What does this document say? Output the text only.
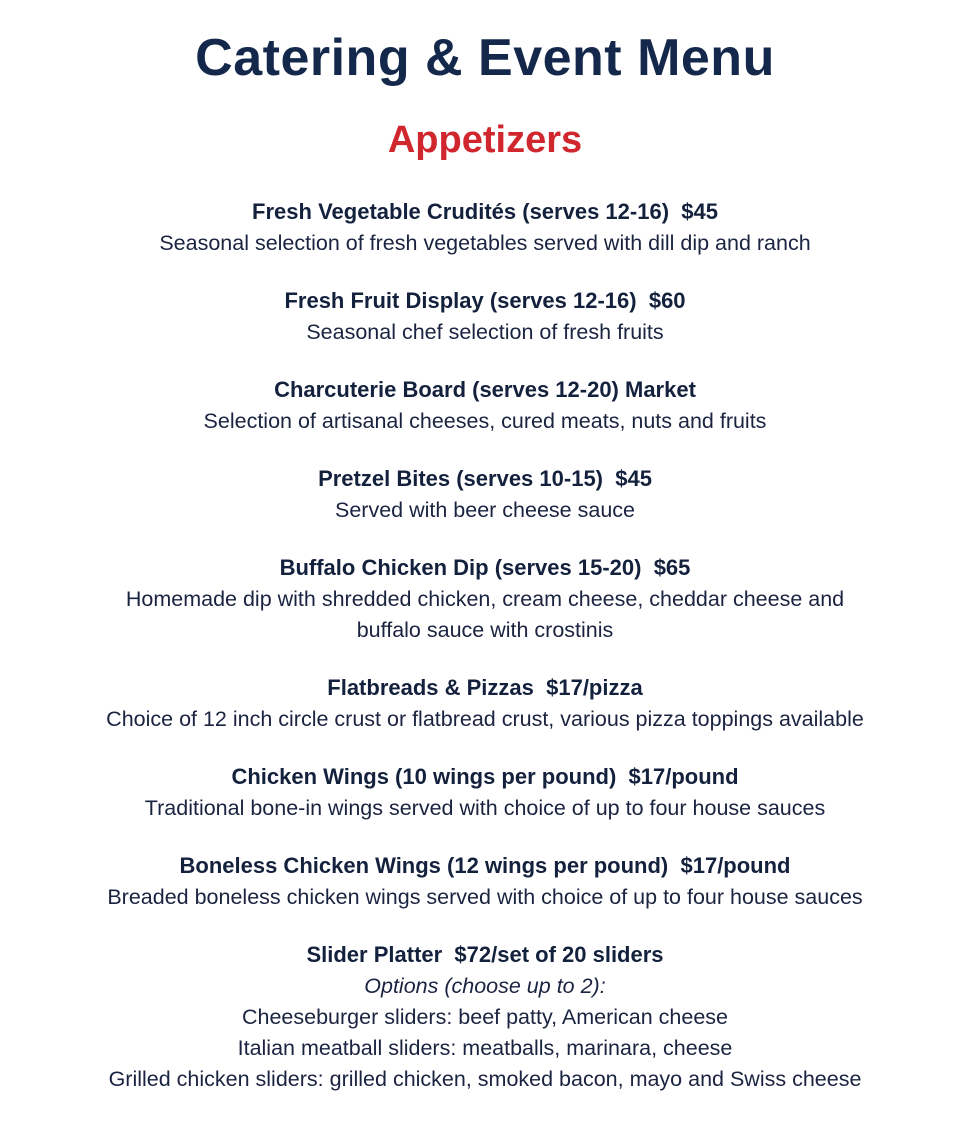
Catering & Event Menu
Appetizers
Fresh Vegetable Crudités (serves 12-16)  $45
Seasonal selection of fresh vegetables served with dill dip and ranch
Fresh Fruit Display (serves 12-16)  $60
Seasonal chef selection of fresh fruits
Charcuterie Board (serves 12-20) Market
Selection of artisanal cheeses, cured meats, nuts and fruits
Pretzel Bites (serves 10-15)  $45
Served with beer cheese sauce
Buffalo Chicken Dip (serves 15-20)  $65
Homemade dip with shredded chicken, cream cheese, cheddar cheese and
buffalo sauce with crostinis
Flatbreads & Pizzas  $17/pizza
Choice of 12 inch circle crust or flatbread crust, various pizza toppings available
Chicken Wings (10 wings per pound)  $17/pound
Traditional bone-in wings served with choice of up to four house sauces
Boneless Chicken Wings (12 wings per pound)  $17/pound
Breaded boneless chicken wings served with choice of up to four house sauces
Slider Platter  $72/set of 20 sliders
Options (choose up to 2):
Cheeseburger sliders: beef patty, American cheese
Italian meatball sliders: meatballs, marinara, cheese
Grilled chicken sliders: grilled chicken, smoked bacon, mayo and Swiss cheese
